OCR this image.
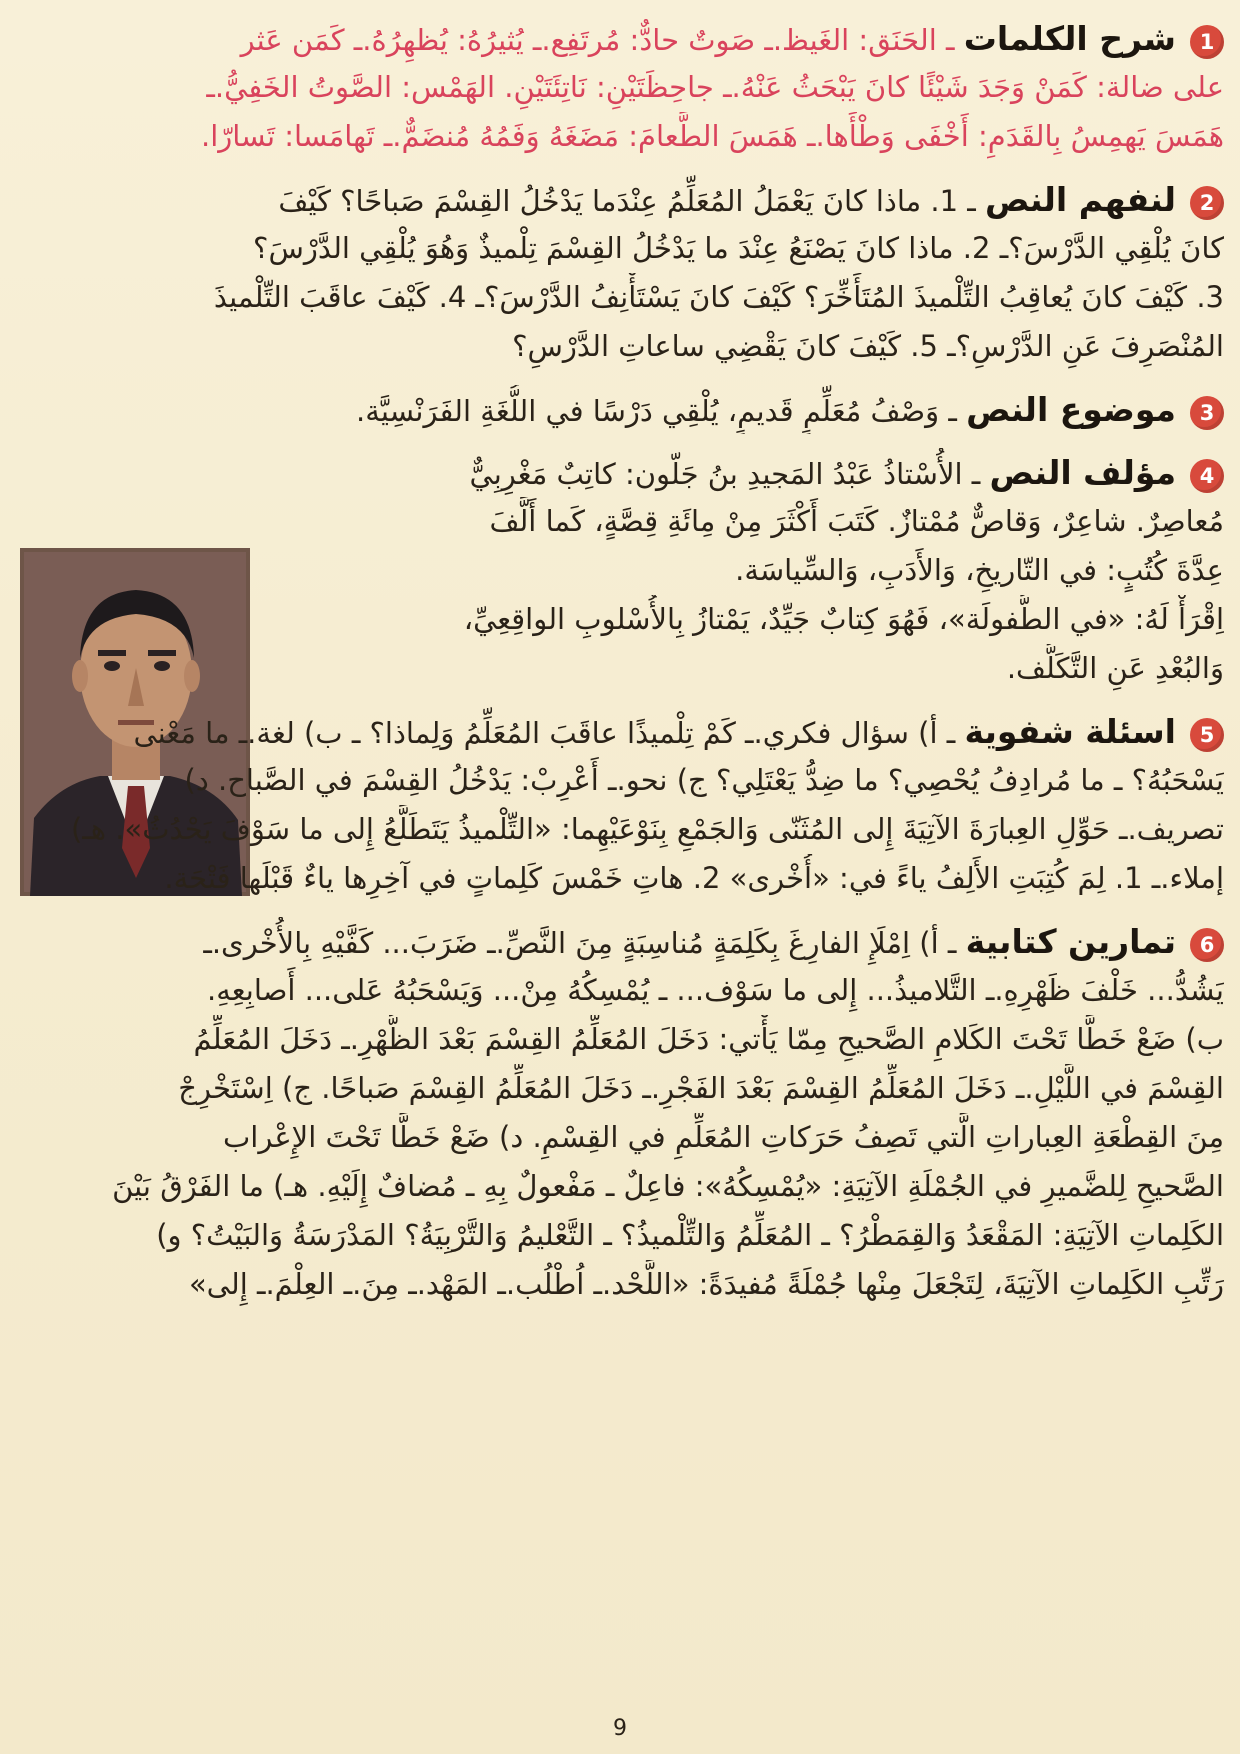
1شرح الكلمات ـ الحَنَق: الغَيظ.ـ صَوتٌ حادٌّ: مُرتَفِع.ـ يُثيرُهُ: يُظهِرُهُ.ـ كَمَن عَثر
على ضالة: كَمَنْ وَجَدَ شَيْئًا كانَ يَبْحَثُ عَنْهُ.ـ جاحِظَتَيْنِ: نَاتِئَتَيْنِ. الهَمْس: الصَّوتُ الخَفِيُّ.ـ
هَمَسَ يَهمِسُ بِالقَدَمِ: أَخْفَى وَطْأَها.ـ هَمَسَ الطَّعامَ: مَضَغَهُ وَفَمُهُ مُنضَمٌّ.ـ تَهامَسا: تَسارّا.
2لنفهم النص ـ 1. ماذا كانَ يَعْمَلُ المُعَلِّمُ عِنْدَما يَدْخُلُ القِسْمَ صَباحًا؟ كَيْفَ
كانَ يُلْقِي الدَّرْسَ؟ـ 2. ماذا كانَ يَصْنَعُ عِنْدَ ما يَدْخُلُ القِسْمَ تِلْميذٌ وَهُوَ يُلْقِي الدَّرْسَ؟
3. كَيْفَ كانَ يُعاقِبُ التِّلْميذَ المُتَأَخِّرَ؟ كَيْفَ كانَ يَسْتَأْنِفُ الدَّرْسَ؟ـ 4. كَيْفَ عاقَبَ التِّلْميذَ
المُنْصَرِفَ عَنِ الدَّرْسِ؟ـ 5. كَيْفَ كانَ يَقْضِي ساعاتِ الدَّرْسِ؟
3موضوع النص ـ وَصْفُ مُعَلِّمٍ قَديمٍ، يُلْقِي دَرْسًا في اللُّغَةِ الفَرَنْسِيَّة.
4مؤلف النص ـ الأُسْتاذُ عَبْدُ المَجيدِ بنُ جَلّون: كاتِبٌ مَغْرِبِيٌّ
مُعاصِرٌ. شاعِرٌ، وَقاصٌّ مُمْتازٌ. كَتَبَ أَكْثَرَ مِنْ مِائَةِ قِصَّةٍ، كَما أَلَّفَ
عِدَّةَ كُتُبٍ: في التّاريخِ، وَالأَدَبِ، وَالسِّياسَة.
اِقْرَأْ لَهُ: «في الطُّفولَة»، فَهُوَ كِتابٌ جَيِّدٌ، يَمْتازُ بِالأُسْلوبِ الواقِعِيِّ،
وَالبُعْدِ عَنِ التَّكَلُّف.
5اسئلة شفوية ـ أ) سؤال فكري.ـ كَمْ تِلْميذًا عاقَبَ المُعَلِّمُ وَلِماذا؟ ـ ب) لغة.ـ ما مَعْنى
يَسْحَبُهُ؟ ـ ما مُرادِفُ يُحْصِي؟ ما ضِدُّ يَعْتَلِي؟ ج) نحو.ـ أَعْرِبْ: يَدْخُلُ القِسْمَ في الصَّباح. د)
تصريف.ـ حَوِّلِ العِبارَةَ الآتِيَةَ إِلى المُثَنّى وَالجَمْعِ بِنَوْعَيْهِما: «التِّلْميذُ يَتَطَلَّعُ إِلى ما سَوْفَ يَحْدُثُ». هـ)
إملاء.ـ 1. لِمَ كُتِبَتِ الأَلِفُ ياءً في: «أُخْرى» 2. هاتِ خَمْسَ كَلِماتٍ في آخِرِها ياءٌ قَبْلَها فَتْحَة.
6تمارين كتابية ـ أ) اِمْلَإِ الفارِغَ بِكَلِمَةٍ مُناسِبَةٍ مِنَ النَّصِّ.ـ ضَرَبَ... كَفَّيْهِ بِالأُخْرى.ـ
يَشُدُّ... خَلْفَ ظَهْرِهِ.ـ التَّلاميذُ... إِلى ما سَوْف... ـ يُمْسِكُهُ مِنْ... وَيَسْحَبُهُ عَلى... أَصابِعِهِ.
ب) ضَعْ خَطًّا تَحْتَ الكَلامِ الصَّحيحِ مِمّا يَأْتي: دَخَلَ المُعَلِّمُ القِسْمَ بَعْدَ الظُّهْرِ.ـ دَخَلَ المُعَلِّمُ
القِسْمَ في اللَّيْلِ.ـ دَخَلَ المُعَلِّمُ القِسْمَ بَعْدَ الفَجْرِ.ـ دَخَلَ المُعَلِّمُ القِسْمَ صَباحًا. ج) اِسْتَخْرِجْ
مِنَ القِطْعَةِ العِباراتِ الَّتي تَصِفُ حَرَكاتِ المُعَلِّمِ في القِسْمِ. د) ضَعْ خَطًّا تَحْتَ الإِعْراب
الصَّحيحِ لِلضَّميرِ في الجُمْلَةِ الآتِيَةِ: «يُمْسِكُهُ»: فاعِلٌ ـ مَفْعولٌ بِهِ ـ مُضافٌ إِلَيْهِ. هـ) ما الفَرْقُ بَيْنَ
الكَلِماتِ الآتِيَةِ: المَقْعَدُ وَالقِمَطْرُ؟ ـ المُعَلِّمُ وَالتِّلْميذُ؟ ـ التَّعْليمُ وَالتَّرْبِيَةُ؟ المَدْرَسَةُ وَالبَيْتُ؟ و)
رَتِّبِ الكَلِماتِ الآتِيَةَ، لِتَجْعَلَ مِنْها جُمْلَةً مُفيدَةً: «اللَّحْد.ـ اُطْلُب.ـ المَهْد.ـ مِنَ.ـ العِلْمَ.ـ إِلى»
9
